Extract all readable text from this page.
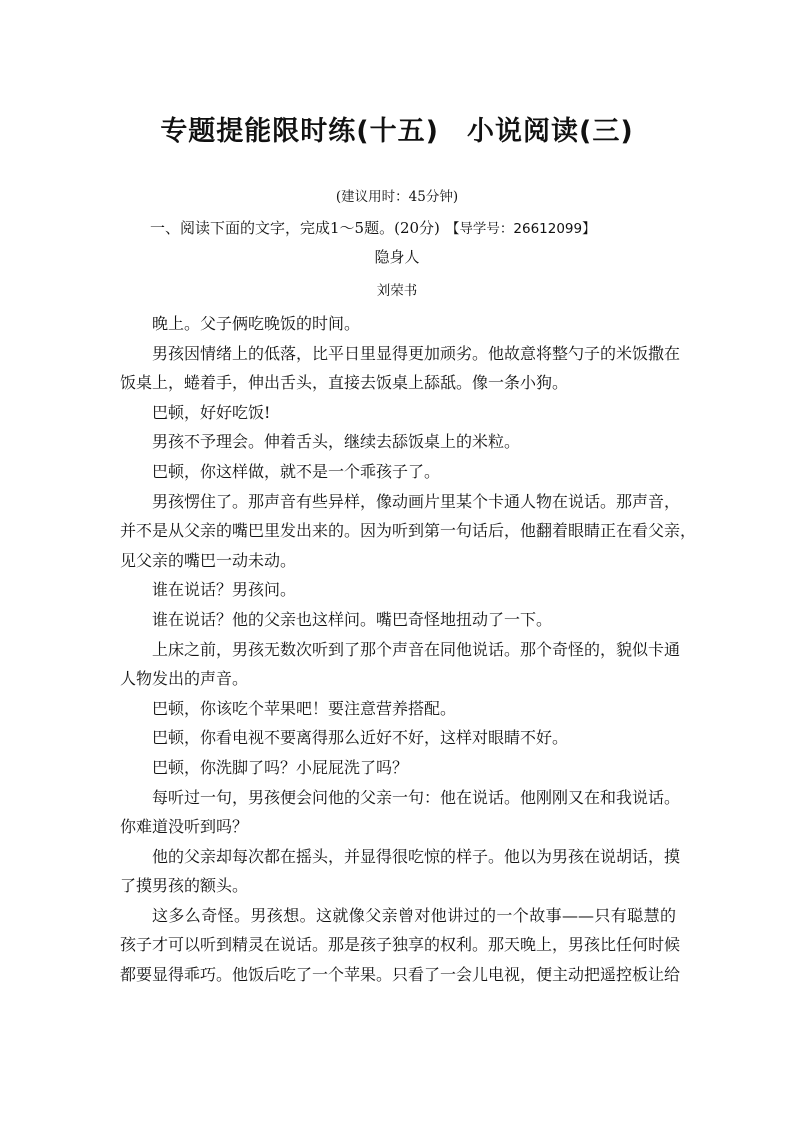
专题提能限时练(十五) 小说阅读(三)
(建议用时：45分钟)
一、阅读下面的文字，完成1～5题。(20分) 【导学号：26612099】
隐身人
刘荣书
晚上。父子俩吃晚饭的时间。
男孩因情绪上的低落，比平日里显得更加顽劣。他故意将整勺子的米饭撒在
饭桌上，蜷着手，伸出舌头，直接去饭桌上舔舐。像一条小狗。
巴顿，好好吃饭!
男孩不予理会。伸着舌头，继续去舔饭桌上的米粒。
巴顿，你这样做，就不是一个乖孩子了。
男孩愣住了。那声音有些异样，像动画片里某个卡通人物在说话。那声音，
并不是从父亲的嘴巴里发出来的。因为听到第一句话后，他翻着眼睛正在看父亲，
见父亲的嘴巴一动未动。
谁在说话？男孩问。
谁在说话？他的父亲也这样问。嘴巴奇怪地扭动了一下。
上床之前，男孩无数次听到了那个声音在同他说话。那个奇怪的，貌似卡通
人物发出的声音。
巴顿，你该吃个苹果吧！要注意营养搭配。
巴顿，你看电视不要离得那么近好不好，这样对眼睛不好。
巴顿，你洗脚了吗？小屁屁洗了吗？
每听过一句，男孩便会问他的父亲一句：他在说话。他刚刚又在和我说话。
你难道没听到吗？
他的父亲却每次都在摇头，并显得很吃惊的样子。他以为男孩在说胡话，摸
了摸男孩的额头。
这多么奇怪。男孩想。这就像父亲曾对他讲过的一个故事——只有聪慧的
孩子才可以听到精灵在说话。那是孩子独享的权利。那天晚上，男孩比任何时候
都要显得乖巧。他饭后吃了一个苹果。只看了一会儿电视，便主动把遥控板让给
